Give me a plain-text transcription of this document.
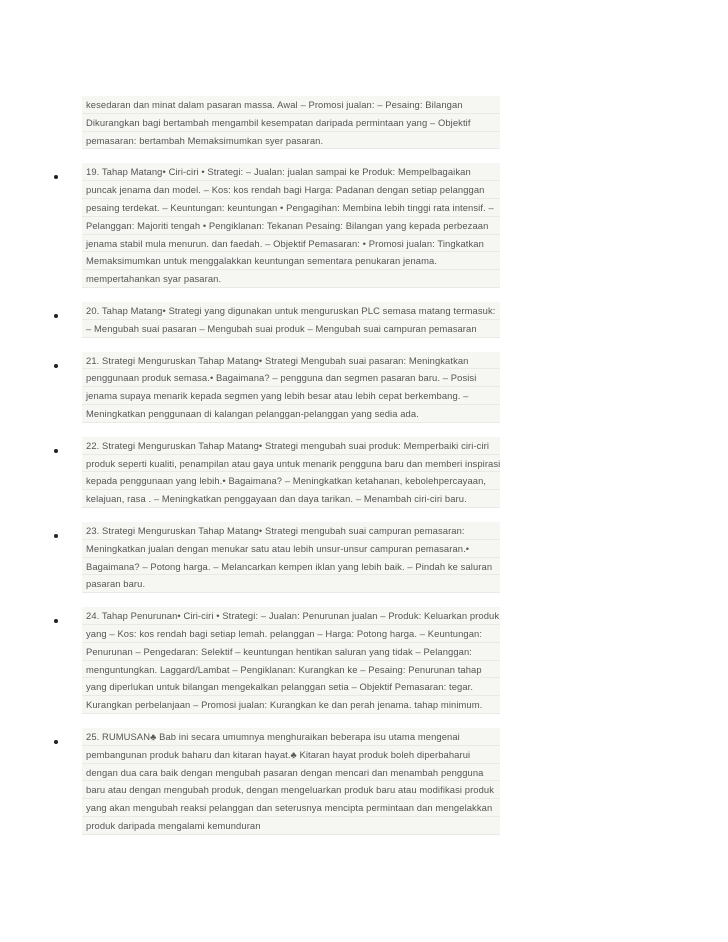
kesedaran dan minat dalam pasaran massa. Awal – Promosi jualan: – Pesaing: Bilangan
Dikurangkan bagi bertambah mengambil kesempatan daripada permintaan yang – Objektif
pemasaran: bertambah Memaksimumkan syer pasaran.
19. Tahap Matang• Ciri-ciri • Strategi: – Jualan: jualan sampai ke Produk: Mempelbagaikan
puncak jenama dan model. – Kos: kos rendah bagi Harga: Padanan dengan setiap pelanggan
pesaing terdekat. – Keuntungan: keuntungan • Pengagihan: Membina lebih tinggi rata intensif. –
Pelanggan: Majoriti tengah • Pengiklanan: Tekanan Pesaing: Bilangan yang kepada perbezaan
jenama stabil mula menurun. dan faedah. – Objektif Pemasaran: • Promosi jualan: Tingkatkan
Memaksimumkan untuk menggalakkan keuntungan sementara penukaran jenama.
mempertahankan syar pasaran.
20. Tahap Matang• Strategi yang digunakan untuk menguruskan PLC semasa matang termasuk:
– Mengubah suai pasaran – Mengubah suai produk – Mengubah suai campuran pemasaran
21. Strategi Menguruskan Tahap Matang• Strategi Mengubah suai pasaran: Meningkatkan
penggunaan produk semasa.• Bagaimana? – pengguna dan segmen pasaran baru. – Posisi
jenama supaya menarik kepada segmen yang lebih besar atau lebih cepat berkembang. –
Meningkatkan penggunaan di kalangan pelanggan-pelanggan yang sedia ada.
22. Strategi Menguruskan Tahap Matang• Strategi mengubah suai produk: Memperbaiki ciri-ciri
produk seperti kualiti, penampilan atau gaya untuk menarik pengguna baru dan memberi inspirasi
kepada penggunaan yang lebih.• Bagaimana? – Meningkatkan ketahanan, kebolehpercayaan,
kelajuan, rasa . – Meningkatkan penggayaan dan daya tarikan. – Menambah ciri-ciri baru.
23. Strategi Menguruskan Tahap Matang• Strategi mengubah suai campuran pemasaran:
Meningkatkan jualan dengan menukar satu atau lebih unsur-unsur campuran pemasaran.•
Bagaimana? – Potong harga. – Melancarkan kempen iklan yang lebih baik. – Pindah ke saluran
pasaran baru.
24. Tahap Penurunan• Ciri-ciri • Strategi: – Jualan: Penurunan jualan – Produk: Keluarkan produk
yang – Kos: kos rendah bagi setiap lemah. pelanggan – Harga: Potong harga. – Keuntungan:
Penurunan – Pengedaran: Selektif – keuntungan hentikan saluran yang tidak – Pelanggan:
menguntungkan. Laggard/Lambat – Pengiklanan: Kurangkan ke – Pesaing: Penurunan tahap
yang diperlukan untuk bilangan mengekalkan pelanggan setia – Objektif Pemasaran: tegar.
Kurangkan perbelanjaan – Promosi jualan: Kurangkan ke dan perah jenama. tahap minimum.
25. RUMUSAN♣ Bab ini secara umumnya menghuraikan beberapa isu utama mengenai
pembangunan produk baharu dan kitaran hayat.♣ Kitaran hayat produk boleh diperbaharui
dengan dua cara baik dengan mengubah pasaran dengan mencari dan menambah pengguna
baru atau dengan mengubah produk, dengan mengeluarkan produk baru atau modifikasi produk
yang akan mengubah reaksi pelanggan dan seterusnya mencipta permintaan dan mengelakkan
produk daripada mengalami kemunduran
